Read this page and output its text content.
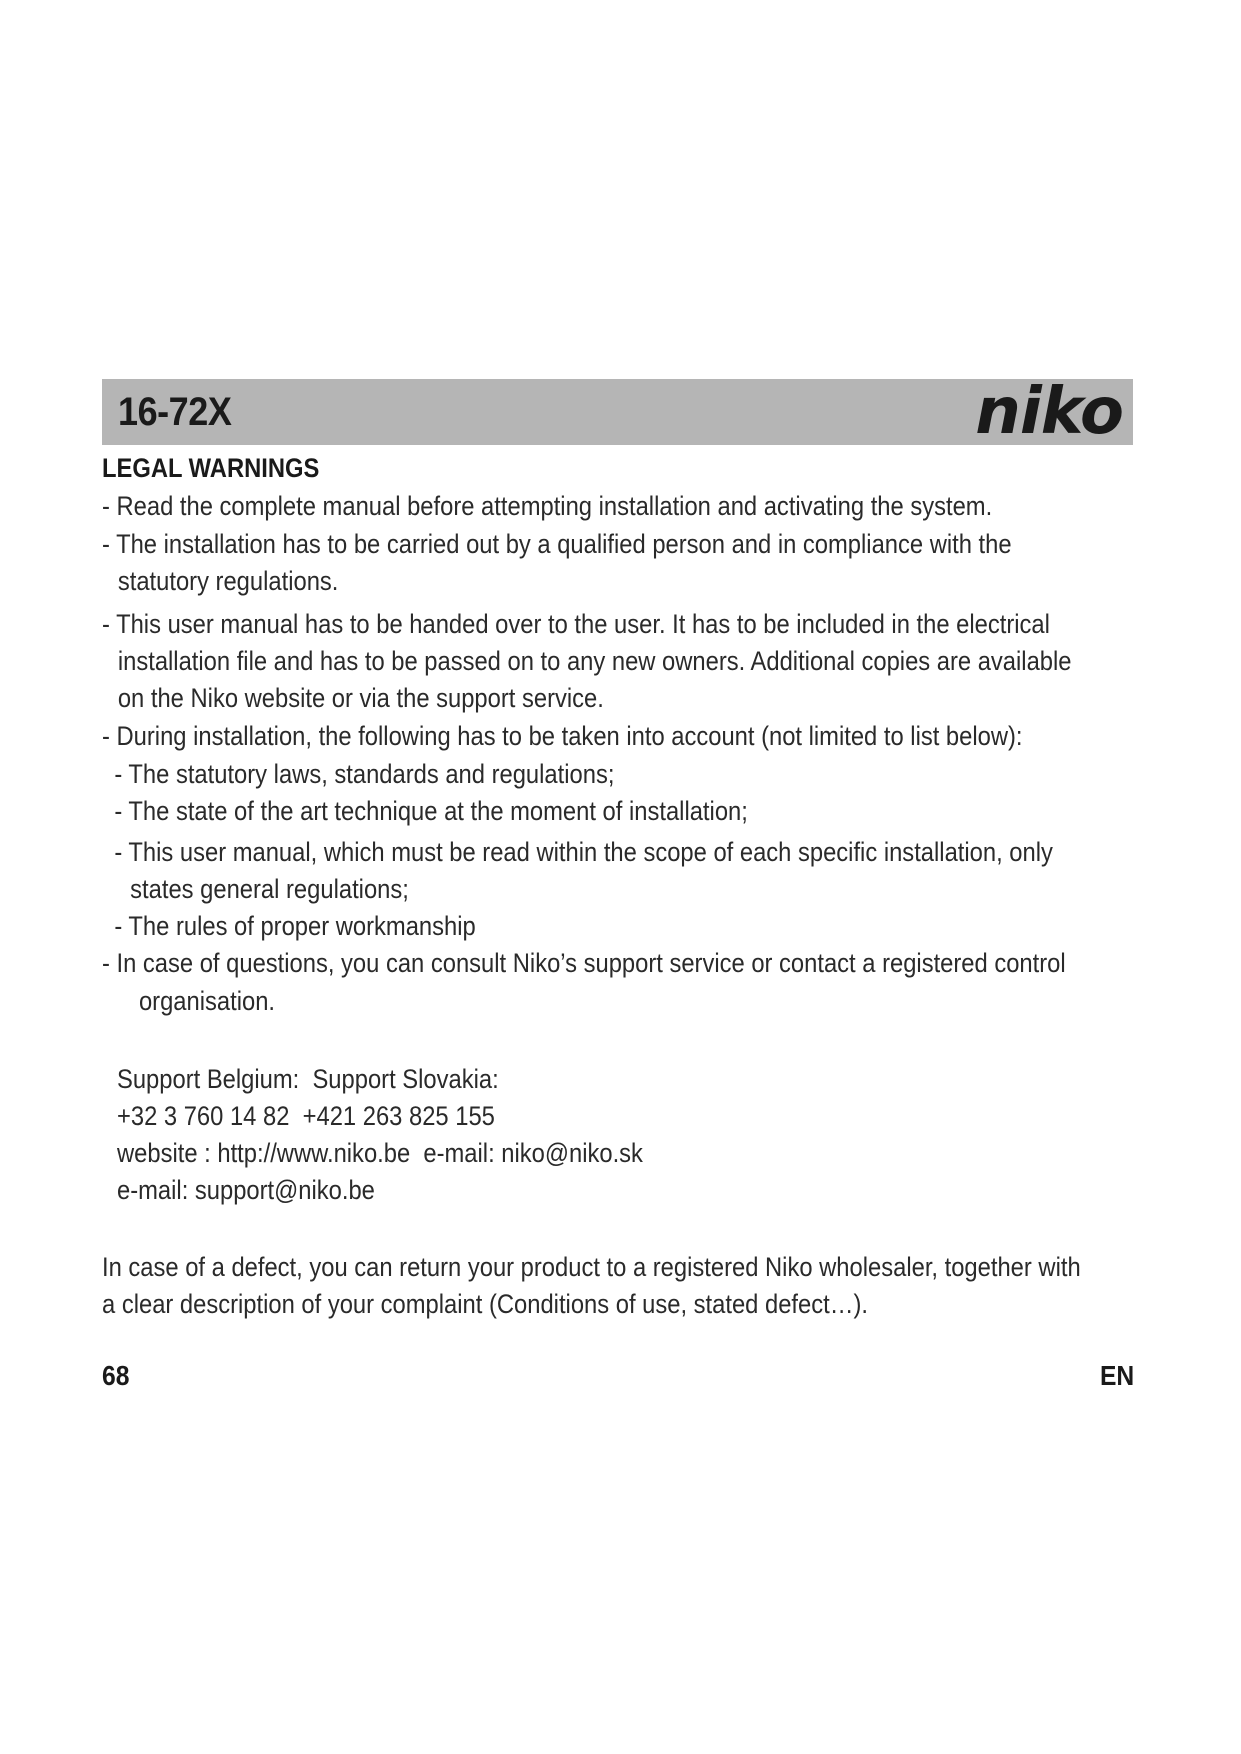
16-72X	niko
LEGAL WARNINGS
- Read the complete manual before attempting installation and activating the system.
- The installation has to be carried out by a qualified person and in compliance with the statutory regulations.
- This user manual has to be handed over to the user. It has to be included in the electrical installation file and has to be passed on to any new owners. Additional copies are available on the Niko website or via the support service.
- During installation, the following has to be taken into account (not limited to list below):
- The statutory laws, standards and regulations;
- The state of the art technique at the moment of installation;
- This user manual, which must be read within the scope of each specific installation, only states general regulations;
- The rules of proper workmanship
- In case of questions, you can consult Niko’s support service or contact a registered control
organisation.
Support Belgium:  Support Slovakia:
+32 3 760 14 82  +421 263 825 155
website : http://www.niko.be  e-mail: niko@niko.sk
e-mail: support@niko.be
In case of a defect, you can return your product to a registered Niko wholesaler, together with a clear description of your complaint (Conditions of use, stated defect…).
68	EN
